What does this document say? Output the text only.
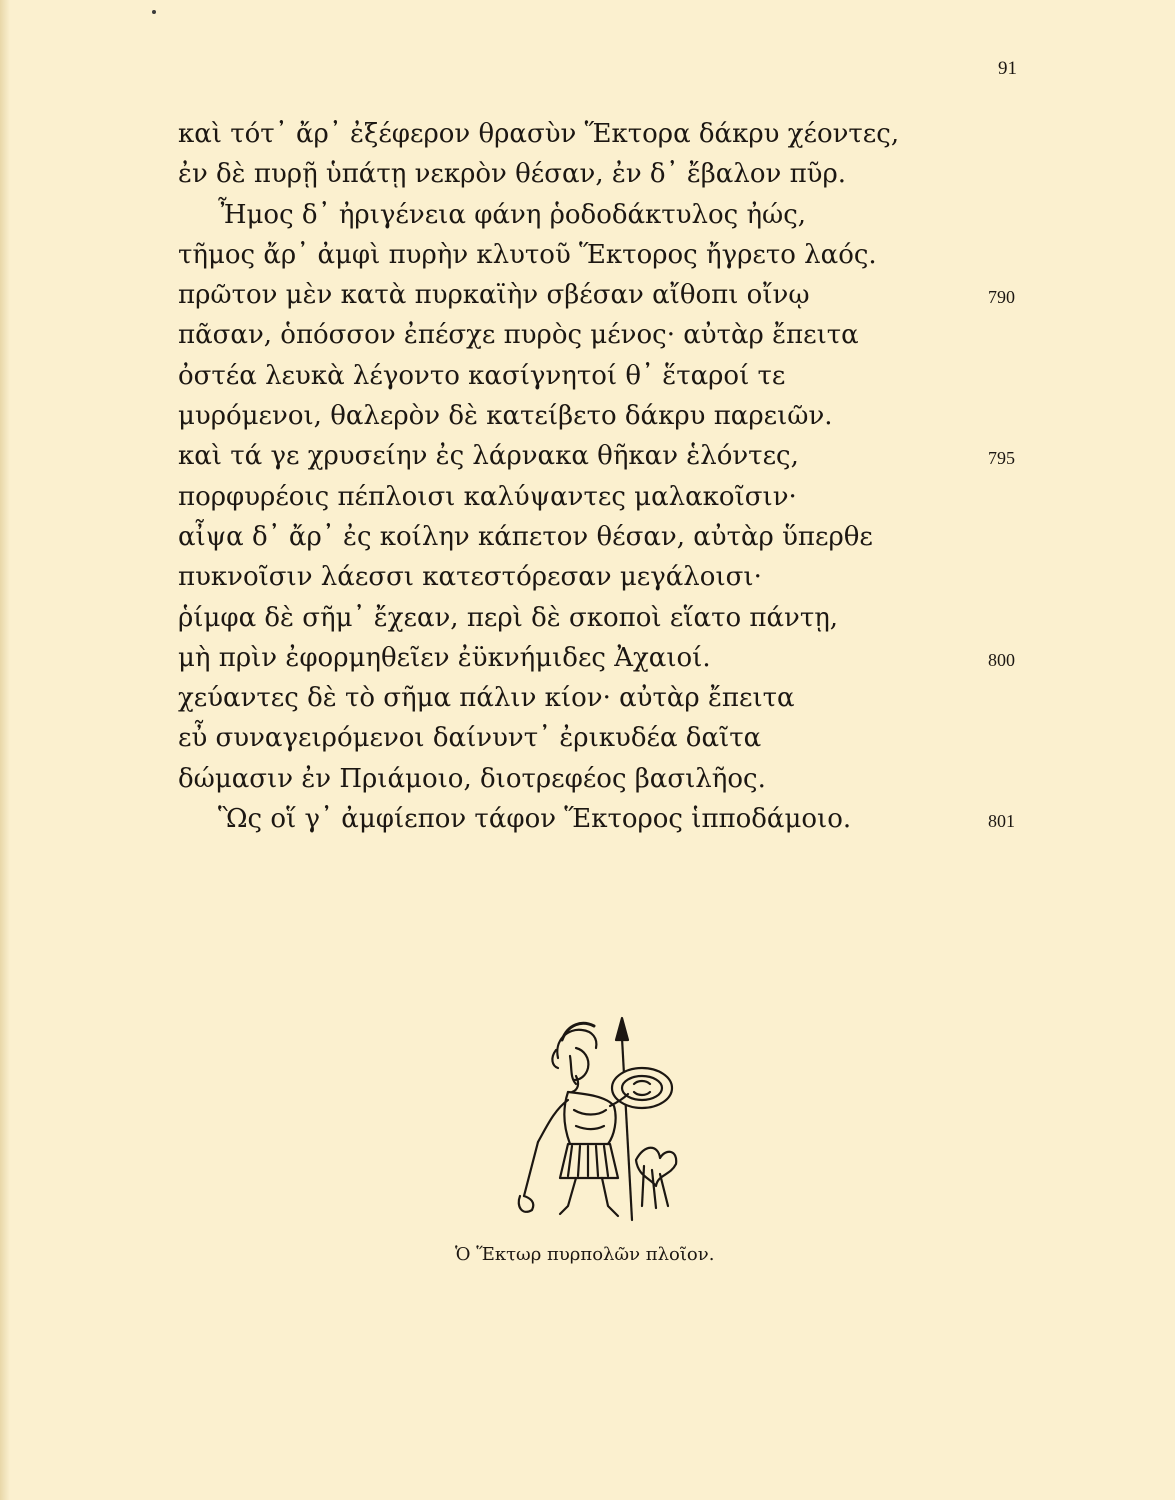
91
καὶ τότ᾽ ἄρ᾽ ἐξέφερον θρασὺν Ἕκτορα δάκρυ χέοντες,
ἐν δὲ πυρῇ ὑπάτῃ νεκρὸν θέσαν, ἐν δ᾽ ἔβαλον πῦρ.
Ἦμος δ᾽ ἠριγένεια φάνη ῥοδοδάκτυλος ἠώς,
τῆμος ἄρ᾽ ἀμφὶ πυρὴν κλυτοῦ Ἕκτορος ἤγρετο λαός.
πρῶτον μὲν κατὰ πυρκαϊὴν σβέσαν αἴθοπι οἴνῳ	790
πᾶσαν, ὁπόσσον ἐπέσχε πυρὸς μένος· αὐτὰρ ἔπειτα
ὀστέα λευκὰ λέγοντο κασίγνητοί θ᾽ ἕταροί τε
μυρόμενοι, θαλερὸν δὲ κατείβετο δάκρυ παρειῶν.
καὶ τά γε χρυσείην ἐς λάρνακα θῆκαν ἑλόντες,	795
πορφυρέοις πέπλοισι καλύψαντες μαλακοῖσιν·
αἶψα δ᾽ ἄρ᾽ ἐς κοίλην κάπετον θέσαν, αὐτὰρ ὕπερθε
πυκνοῖσιν λάεσσι κατεστόρεσαν μεγάλοισι·
ῥίμφα δὲ σῆμ᾽ ἔχεαν, περὶ δὲ σκοποὶ εἵατο πάντῃ,
μὴ πρὶν ἐφορμηθεῖεν ἐϋκνήμιδες Ἀχαιοί.	800
χεύαντες δὲ τὸ σῆμα πάλιν κίον· αὐτὰρ ἔπειτα
εὖ συναγειρόμενοι δαίνυντ᾽ ἐρικυδέα δαῖτα
δώμασιν ἐν Πριάμοιο, διοτρεφέος βασιλῆος.
Ὣς οἵ γ᾽ ἀμφίεπον τάφον Ἕκτορος ἱπποδάμοιο.	801
Ὁ Ἕκτωρ πυρπολῶν πλοῖον.
